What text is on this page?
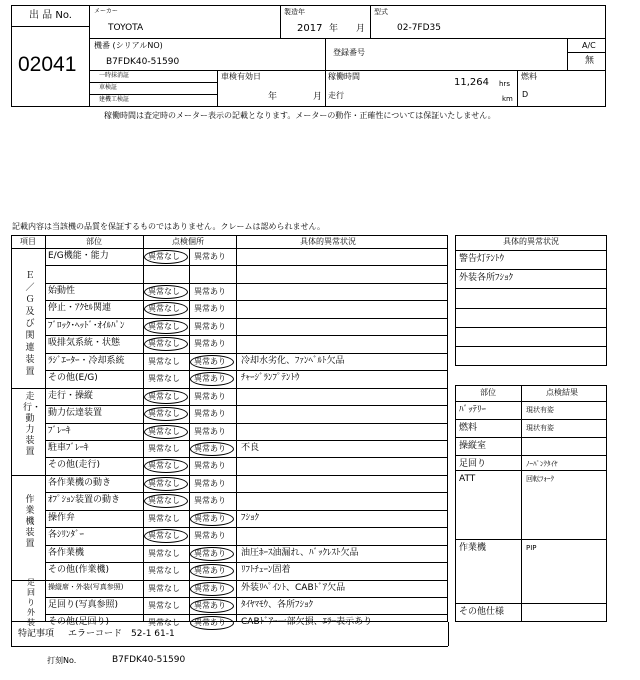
出 品 No.
02041
メーカー
TOYOTA
製造年
2017 年 月
型式
02-7FD35
機番 (シリアルNO)
B7FDK40-51590
登録番号
A/C
無
一時抹消証
車検証
建機工検証
車検有効日
年	月
稼働時間
走行
11,264 hrs
km
燃料
D
稼働時間は査定時のメーター表示の記載となります。メーターの動作・正確性については保証いたしません。
記載内容は当該機の品質を保証するものではありません。クレームは認められません。
項目	部位	点検個所	具体的異常状況
Ｅ／Ｇ及び関連装置
走行・動力装置
作業機装置
足回り外装
E/G機能・能力	異常なし 異常あり
始動性	異常なし 異常あり
停止・ｱｸｾﾙ関連	異常なし 異常あり
ﾌﾞﾛｯｸ･ﾍｯﾄﾞ･ｵｲﾙﾊﾟﾝ	異常なし 異常あり
吸排気系統・状態	異常なし 異常あり
ﾗｼﾞｴｰﾀｰ・冷却系統	異常なし 異常あり 冷却水劣化、ﾌｧﾝﾍﾞﾙﾄ欠品
その他(E/G)	異常なし 異常あり ﾁｬｰｼﾞﾗﾝﾌﾟﾃﾝﾄｳ
走行・操縦	異常なし 異常あり
動力伝達装置	異常なし 異常あり
ﾌﾞﾚｰｷ	異常なし 異常あり
駐車ﾌﾞﾚｰｷ	異常なし 異常あり 不良
その他(走行)	異常なし 異常あり
各作業機の動き	異常なし 異常あり
ｵﾌﾟｼｮﾝ装置の動き	異常なし 異常あり
操作弁	異常なし 異常あり ﾌｼｮｸ
各ｼﾘﾝﾀﾞｰ	異常なし 異常あり
各作業機	異常なし 異常あり 油圧ﾎｰｽ油漏れ、ﾊﾞｯｸﾚｽﾄ欠品
その他(作業機)	異常なし 異常あり ﾘﾌﾄﾁｪｰﾝ固着
操縦席・外装(写真参照)	異常なし 異常あり 外装ﾘﾍﾟｲﾝﾄ、CABﾄﾞｱ欠品
足回り(写真参照)	異常なし 異常あり ﾀｲﾔﾏﾓｳ、各所ﾌｼｮｸ
その他(足回り)	異常なし 異常あり CABﾄﾞｱｰ一部欠損、ｴﾗｰ表示あり
特記事項 エラーコード　52-1 61-1
打刻No.	B7FDK40-51590
具体的異常状況
警告灯ﾃﾝﾄｳ
外装各所ﾌｼｮｸ
部位	点検結果
ﾊﾞｯﾃﾘｰ	現状有姿
燃料	現状有姿
操縦室
足回り	ﾉｰﾊﾟﾝｸﾀｲﾔ
ATT	回転ﾌｫｰｸ
作業機	PIP
その他仕様
